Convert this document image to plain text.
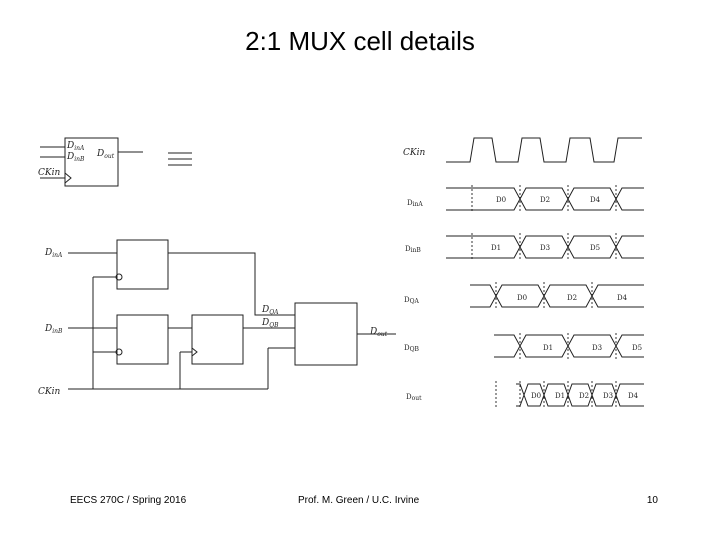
2:1 MUX cell details
$D_{inA}$
$D_{inB}$
$D_{out}$
CKin
$D_{inA}$
$D_{inB}$
CKin
$D_{QA}$
$D_{QB}$
$D_{out}$
CKin
DinA
DinB
DQA
DQB
Dout
D0	D2	D4
D1	D3	D5
D0	D2	D4
D1	D3	D5
D0 D1 D2 D3 D4
EECS 270C / Spring 2016	Prof. M. Green / U.C. Irvine	10
